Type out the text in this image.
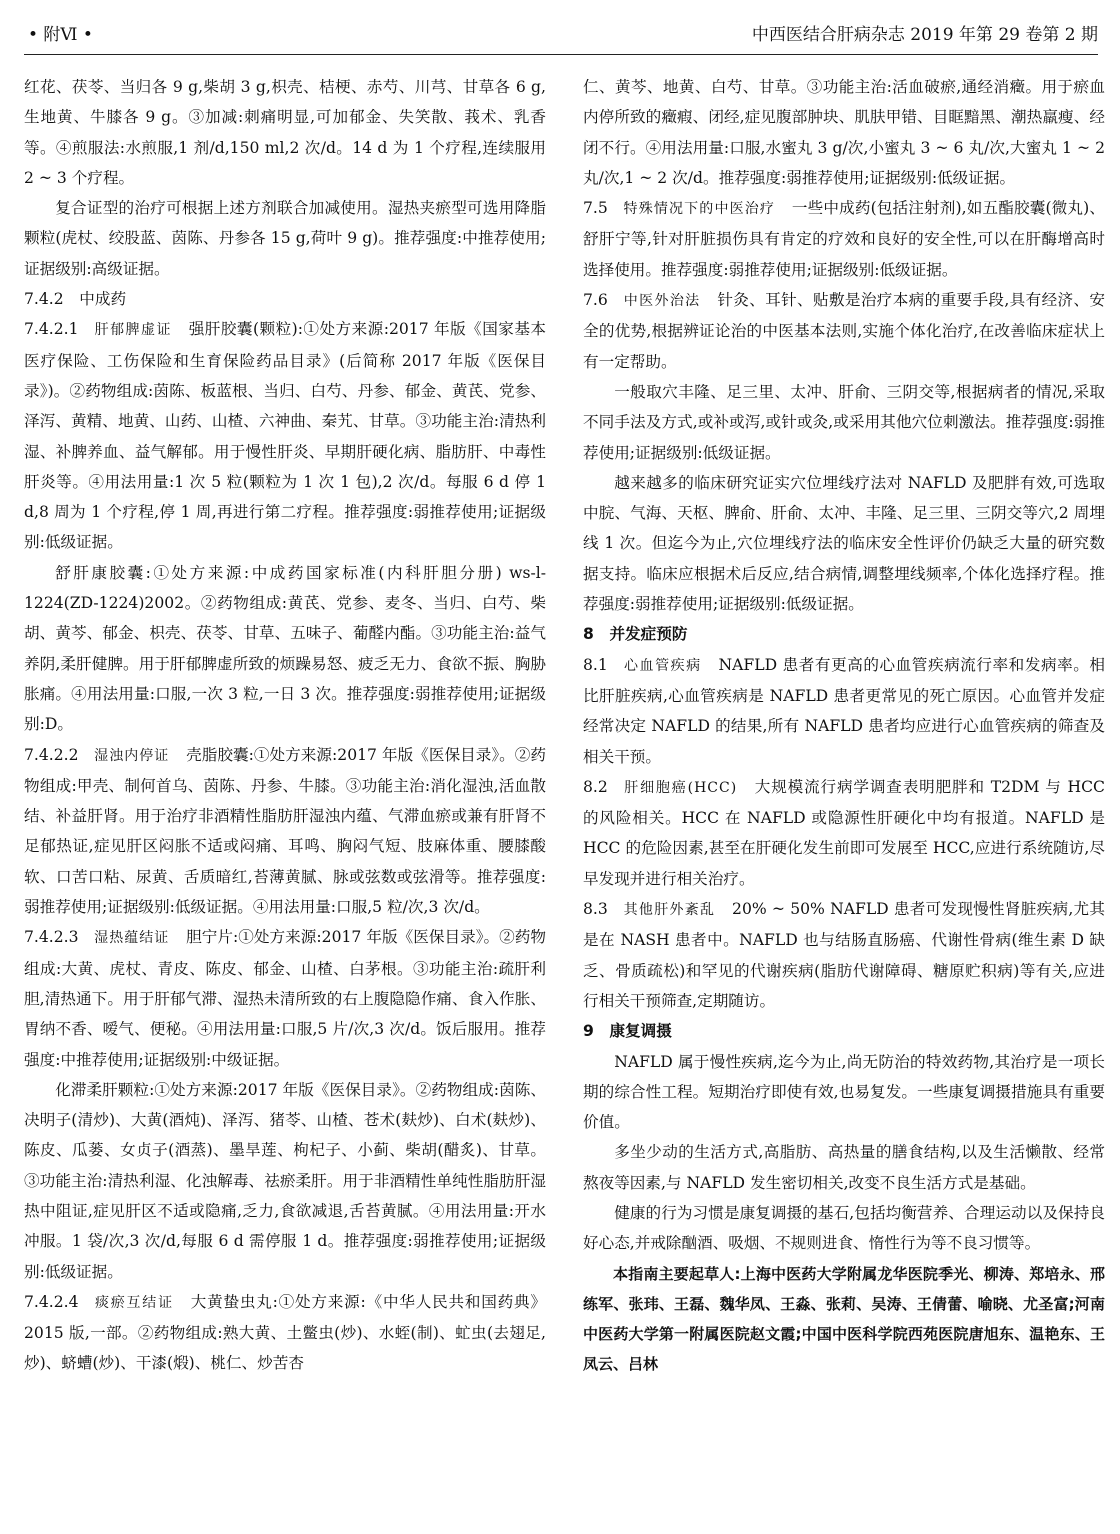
• 附Ⅵ •	中西医结合肝病杂志 2019 年第 29 卷第 2 期

红花、茯苓、当归各 9 g,柴胡 3 g,枳壳、桔梗、赤芍、川芎、甘草各 6 g,生地黄、牛膝各 9 g。③加减:刺痛明显,可加郁金、失笑散、莪术、乳香等。④煎服法:水煎服,1 剂/d,150 ml,2 次/d。14 d 为 1 个疗程,连续服用 2 ~ 3 个疗程。

复合证型的治疗可根据上述方剂联合加减使用。湿热夹瘀型可选用降脂颗粒(虎杖、绞股蓝、茵陈、丹参各 15 g,荷叶 9 g)。推荐强度:中推荐使用;证据级别:高级证据。

7.4.2 中成药

7.4.2.1 肝郁脾虚证 强肝胶囊(颗粒):①处方来源:2017 年版《国家基本医疗保险、工伤保险和生育保险药品目录》(后简称 2017 年版《医保目录》)。②药物组成:茵陈、板蓝根、当归、白芍、丹参、郁金、黄芪、党参、泽泻、黄精、地黄、山药、山楂、六神曲、秦艽、甘草。③功能主治:清热利湿、补脾养血、益气解郁。用于慢性肝炎、早期肝硬化病、脂肪肝、中毒性肝炎等。④用法用量:1 次 5 粒(颗粒为 1 次 1 包),2 次/d。每服 6 d 停 1 d,8 周为 1 个疗程,停 1 周,再进行第二疗程。推荐强度:弱推荐使用;证据级别:低级证据。

舒肝康胶囊:①处方来源:中成药国家标准(内科肝胆分册) ws-l-1224(ZD-1224)2002。②药物组成:黄芪、党参、麦冬、当归、白芍、柴胡、黄芩、郁金、枳壳、茯苓、甘草、五味子、葡醛内酯。③功能主治:益气养阴,柔肝健脾。用于肝郁脾虚所致的烦躁易怒、疲乏无力、食欲不振、胸胁胀痛。④用法用量:口服,一次 3 粒,一日 3 次。推荐强度:弱推荐使用;证据级别:D。

7.4.2.2 湿浊内停证 壳脂胶囊:①处方来源:2017 年版《医保目录》。②药物组成:甲壳、制何首乌、茵陈、丹参、牛膝。③功能主治:消化湿浊,活血散结、补益肝肾。用于治疗非酒精性脂肪肝湿浊内蕴、气滞血瘀或兼有肝肾不足郁热证,症见肝区闷胀不适或闷痛、耳鸣、胸闷气短、肢麻体重、腰膝酸软、口苦口粘、尿黄、舌质暗红,苔薄黄腻、脉或弦数或弦滑等。推荐强度:弱推荐使用;证据级别:低级证据。④用法用量:口服,5 粒/次,3 次/d。

7.4.2.3 湿热蕴结证 胆宁片:①处方来源:2017 年版《医保目录》。②药物组成:大黄、虎杖、青皮、陈皮、郁金、山楂、白茅根。③功能主治:疏肝利胆,清热通下。用于肝郁气滞、湿热未清所致的右上腹隐隐作痛、食入作胀、胃纳不香、嗳气、便秘。④用法用量:口服,5 片/次,3 次/d。饭后服用。推荐强度:中推荐使用;证据级别:中级证据。

化滞柔肝颗粒:①处方来源:2017 年版《医保目录》。②药物组成:茵陈、决明子(清炒)、大黄(酒炖)、泽泻、猪苓、山楂、苍术(麸炒)、白术(麸炒)、陈皮、瓜蒌、女贞子(酒蒸)、墨旱莲、枸杞子、小蓟、柴胡(醋炙)、甘草。③功能主治:清热利湿、化浊解毒、祛瘀柔肝。用于非酒精性单纯性脂肪肝湿热中阻证,症见肝区不适或隐痛,乏力,食欲减退,舌苔黄腻。④用法用量:开水冲服。1 袋/次,3 次/d,每服 6 d 需停服 1 d。推荐强度:弱推荐使用;证据级别:低级证据。

7.4.2.4 痰瘀互结证 大黄蛰虫丸:①处方来源:《中华人民共和国药典》2015 版,一部。②药物组成:熟大黄、土鳖虫(炒)、水蛭(制)、虻虫(去翅足,炒)、蛴螬(炒)、干漆(煅)、桃仁、炒苦杏

仁、黄芩、地黄、白芍、甘草。③功能主治:活血破瘀,通经消癥。用于瘀血内停所致的癥瘕、闭经,症见腹部肿块、肌肤甲错、目眶黯黑、潮热羸瘦、经闭不行。④用法用量:口服,水蜜丸 3 g/次,小蜜丸 3 ~ 6 丸/次,大蜜丸 1 ~ 2 丸/次,1 ~ 2 次/d。推荐强度:弱推荐使用;证据级别:低级证据。

7.5 特殊情况下的中医治疗 一些中成药(包括注射剂),如五酯胶囊(微丸)、舒肝宁等,针对肝脏损伤具有肯定的疗效和良好的安全性,可以在肝酶增高时选择使用。推荐强度:弱推荐使用;证据级别:低级证据。

7.6 中医外治法 针灸、耳针、贴敷是治疗本病的重要手段,具有经济、安全的优势,根据辨证论治的中医基本法则,实施个体化治疗,在改善临床症状上有一定帮助。

一般取穴丰隆、足三里、太冲、肝俞、三阴交等,根据病者的情况,采取不同手法及方式,或补或泻,或针或灸,或采用其他穴位刺激法。推荐强度:弱推荐使用;证据级别:低级证据。

越来越多的临床研究证实穴位埋线疗法对 NAFLD 及肥胖有效,可选取中脘、气海、天枢、脾俞、肝俞、太冲、丰隆、足三里、三阴交等穴,2 周埋线 1 次。但迄今为止,穴位埋线疗法的临床安全性评价仍缺乏大量的研究数据支持。临床应根据术后反应,结合病情,调整埋线频率,个体化选择疗程。推荐强度:弱推荐使用;证据级别:低级证据。

8 并发症预防

8.1 心血管疾病 NAFLD 患者有更高的心血管疾病流行率和发病率。相比肝脏疾病,心血管疾病是 NAFLD 患者更常见的死亡原因。心血管并发症经常决定 NAFLD 的结果,所有 NAFLD 患者均应进行心血管疾病的筛查及相关干预。

8.2 肝细胞癌(HCC) 大规模流行病学调查表明肥胖和 T2DM 与 HCC 的风险相关。HCC 在 NAFLD 或隐源性肝硬化中均有报道。NAFLD 是 HCC 的危险因素,甚至在肝硬化发生前即可发展至 HCC,应进行系统随访,尽早发现并进行相关治疗。

8.3 其他肝外紊乱 20% ~ 50% NAFLD 患者可发现慢性肾脏疾病,尤其是在 NASH 患者中。NAFLD 也与结肠直肠癌、代谢性骨病(维生素 D 缺乏、骨质疏松)和罕见的代谢疾病(脂肪代谢障碍、糖原贮积病)等有关,应进行相关干预筛查,定期随访。

9 康复调摄

NAFLD 属于慢性疾病,迄今为止,尚无防治的特效药物,其治疗是一项长期的综合性工程。短期治疗即使有效,也易复发。一些康复调摄措施具有重要价值。

多坐少动的生活方式,高脂肪、高热量的膳食结构,以及生活懒散、经常熬夜等因素,与 NAFLD 发生密切相关,改变不良生活方式是基础。

健康的行为习惯是康复调摄的基石,包括均衡营养、合理运动以及保持良好心态,并戒除酗酒、吸烟、不规则进食、惰性行为等不良习惯等。

本指南主要起草人:上海中医药大学附属龙华医院季光、柳涛、郑培永、邢练军、张玮、王磊、魏华凤、王淼、张莉、吴涛、王倩蕾、喻晓、尤圣富;河南中医药大学第一附属医院赵文霞;中国中医科学院西苑医院唐旭东、温艳东、王凤云、吕林
